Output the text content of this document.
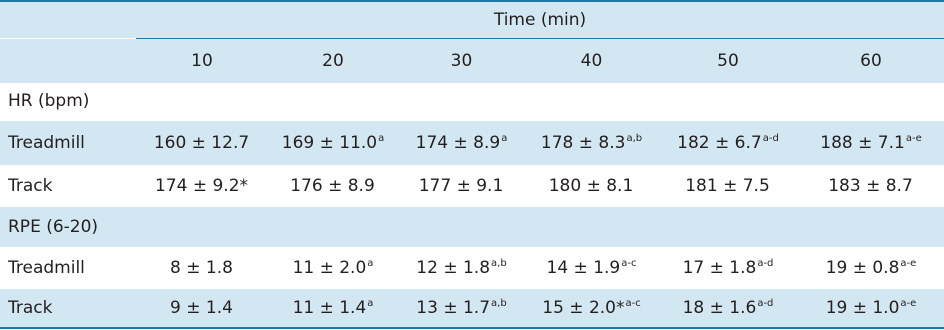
Time (min)
10	20	30	40	50	60
HR (bpm)
Treadmill	160 ± 12.7	169 ± 11.0$^a$	174 ± 8.9$^a$	$178 \pm 8.3^{a,b}$	$182 \pm 6.7^{a-d}$	$188 \pm 7.1^{a-e}$
Track	174 ± 9.2*	176 ± 8.9	177 ± 9.1	180 ± 8.1	181 ± 7.5	183 ± 8.7
RPE (6-20)
Treadmill	8 ± 1.8	11 ± 2.0$^a$	$12 \pm 1.8^{a,b}$	$14 \pm 1.9^{a-c}$	$17 \pm 1.8^{a-d}$	$19 \pm 0.8^{a-e}$
Track	9 ± 1.4	11 ± 1.4$^a$	$13 \pm 1.7^{a,b}$	15 ± 2.0*$^{a-c}$	$18 \pm 1.6^{a-d}$	$19 \pm 1.0^{a-e}$
